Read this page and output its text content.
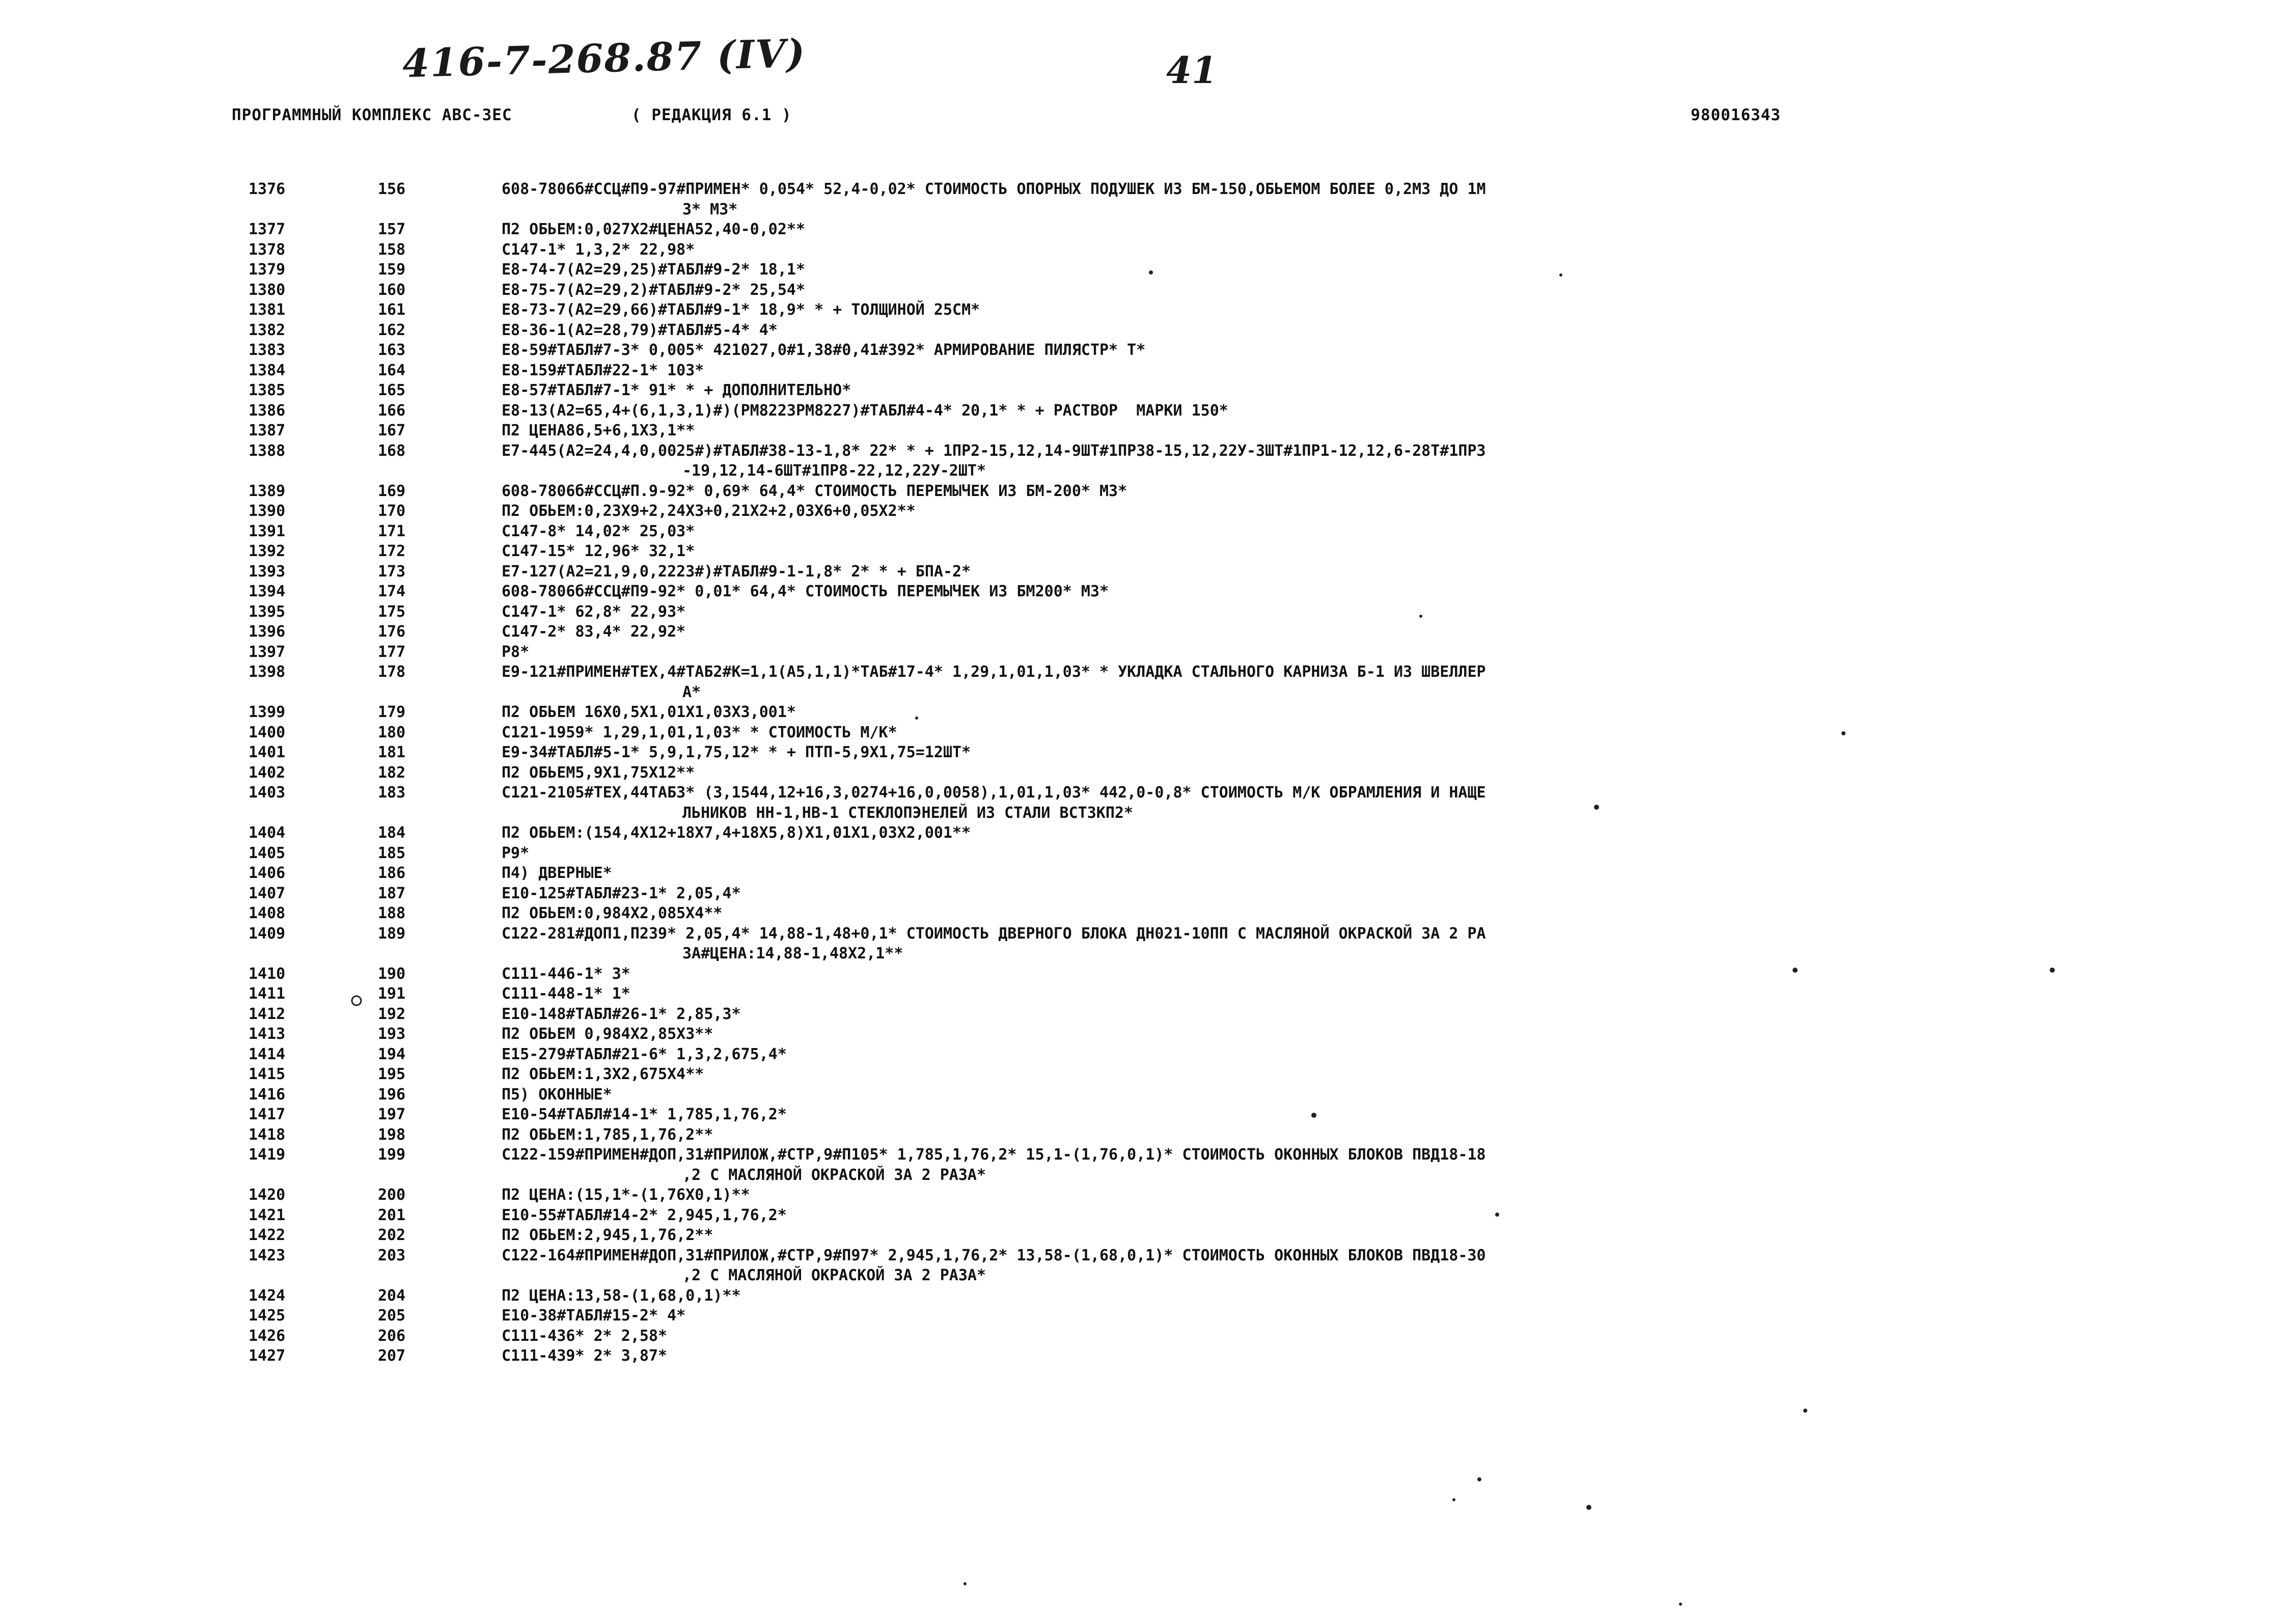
416-7-268.87 (IV)	41
ПРОГРАММНЫЙ КОМПЛЕКС АВС-3ЕС	( РЕДАКЦИЯ 6.1 )	980016343
1376	156	608-7806б#ССЦ#П9-97#ПРИМЕН* 0,054* 52,4-0,02* СТОИМОСТЬ ОПОРНЫХ ПОДУШЕК ИЗ БМ-150,ОБЬЕМОМ БОЛЕЕ 0,2М3 ДО 1М
3* М3*
1377	157	П2 ОБЬЕМ:0,027Х2#ЦЕНА52,40-0,02**
1378	158	С147-1* 1,3,2* 22,98*
1379	159	Е8-74-7(А2=29,25)#ТАБЛ#9-2* 18,1*
1380	160	Е8-75-7(А2=29,2)#ТАБЛ#9-2* 25,54*
1381	161	Е8-73-7(А2=29,66)#ТАБЛ#9-1* 18,9* * + ТОЛЩИНОЙ 25СМ*
1382	162	Е8-36-1(А2=28,79)#ТАБЛ#5-4* 4*
1383	163	Е8-59#ТАБЛ#7-3* 0,005* 421027,0#1,38#0,41#392* АРМИРОВАНИЕ ПИЛЯСТР* Т*
1384	164	Е8-159#ТАБЛ#22-1* 103*
1385	165	Е8-57#ТАБЛ#7-1* 91* * + ДОПОЛНИТЕЛЬНО*
1386	166	Е8-13(А2=65,4+(6,1,3,1)#)(РМ8223РМ8227)#ТАБЛ#4-4* 20,1* * + РАСТВОР  МАРКИ 150*
1387	167	П2 ЦЕНА86,5+6,1Х3,1**
1388	168	Е7-445(А2=24,4,0,0025#)#ТАБЛ#38-13-1,8* 22* * + 1ПР2-15,12,14-9ШТ#1ПР38-15,12,22У-3ШТ#1ПР1-12,12,6-28Т#1ПР3
-19,12,14-6ШТ#1ПР8-22,12,22У-2ШТ*
1389	169	608-7806б#ССЦ#П.9-92* 0,69* 64,4* СТОИМОСТЬ ПЕРЕМЫЧЕК ИЗ БМ-200* М3*
1390	170	П2 ОБЬЕМ:0,23Х9+2,24Х3+0,21Х2+2,03Х6+0,05Х2**
1391	171	С147-8* 14,02* 25,03*
1392	172	С147-15* 12,96* 32,1*
1393	173	Е7-127(А2=21,9,0,2223#)#ТАБЛ#9-1-1,8* 2* * + БПА-2*
1394	174	608-7806б#ССЦ#П9-92* 0,01* 64,4* СТОИМОСТЬ ПЕРЕМЫЧЕК ИЗ БМ200* М3*
1395	175	С147-1* 62,8* 22,93*
1396	176	С147-2* 83,4* 22,92*
1397	177	Р8*
1398	178	Е9-121#ПРИМЕН#ТЕХ,4#ТАБ2#К=1,1(А5,1,1)*ТАБ#17-4* 1,29,1,01,1,03* * УКЛАДКА СТАЛЬНОГО КАРНИЗА Б-1 ИЗ ШВЕЛЛЕР
А*
1399	179	П2 ОБЬЕМ 16Х0,5Х1,01Х1,03Х3,001*
1400	180	С121-1959* 1,29,1,01,1,03* * СТОИМОСТЬ М/К*
1401	181	Е9-34#ТАБЛ#5-1* 5,9,1,75,12* * + ПТП-5,9Х1,75=12ШТ*
1402	182	П2 ОБЬЕМ5,9Х1,75Х12**
1403	183	С121-2105#ТЕХ,44ТАБ3* (3,1544,12+16,3,0274+16,0,0058),1,01,1,03* 442,0-0,8* СТОИМОСТЬ М/К ОБРАМЛЕНИЯ И НАЩЕ
ЛЬНИКОВ НН-1,НВ-1 СТЕКЛОПЭНЕЛЕЙ ИЗ СТАЛИ ВСТ3КП2*
1404	184	П2 ОБЬЕМ:(154,4Х12+18Х7,4+18Х5,8)Х1,01Х1,03Х2,001**
1405	185	Р9*
1406	186	П4) ДВЕРНЫЕ*
1407	187	Е10-125#ТАБЛ#23-1* 2,05,4*
1408	188	П2 ОБЬЕМ:0,984Х2,085Х4**
1409	189	С122-281#ДОП1,П239* 2,05,4* 14,88-1,48+0,1* СТОИМОСТЬ ДВЕРНОГО БЛОКА ДН021-10ПП С МАСЛЯНОЙ ОКРАСКОЙ ЗА 2 РА
ЗА#ЦЕНА:14,88-1,48Х2,1**
1410	190	С111-446-1* 3*
1411	191	С111-448-1* 1*
1412	192	Е10-148#ТАБЛ#26-1* 2,85,3*
1413	193	П2 ОБЬЕМ 0,984Х2,85Х3**
1414	194	Е15-279#ТАБЛ#21-6* 1,3,2,675,4*
1415	195	П2 ОБЬЕМ:1,3Х2,675Х4**
1416	196	П5) ОКОННЫЕ*
1417	197	Е10-54#ТАБЛ#14-1* 1,785,1,76,2*
1418	198	П2 ОБЬЕМ:1,785,1,76,2**
1419	199	С122-159#ПРИМЕН#ДОП,31#ПРИЛОЖ,#СТР,9#П105* 1,785,1,76,2* 15,1-(1,76,0,1)* СТОИМОСТЬ ОКОННЫХ БЛОКОВ ПВД18-18
,2 С МАСЛЯНОЙ ОКРАСКОЙ ЗА 2 РАЗА*
1420	200	П2 ЦЕНА:(15,1*-(1,76Х0,1)**
1421	201	Е10-55#ТАБЛ#14-2* 2,945,1,76,2*
1422	202	П2 ОБЬЕМ:2,945,1,76,2**
1423	203	С122-164#ПРИМЕН#ДОП,31#ПРИЛОЖ,#СТР,9#П97* 2,945,1,76,2* 13,58-(1,68,0,1)* СТОИМОСТЬ ОКОННЫХ БЛОКОВ ПВД18-30
,2 С МАСЛЯНОЙ ОКРАСКОЙ ЗА 2 РАЗА*
1424	204	П2 ЦЕНА:13,58-(1,68,0,1)**
1425	205	Е10-38#ТАБЛ#15-2* 4*
1426	206	С111-436* 2* 2,58*
1427	207	С111-439* 2* 3,87*
